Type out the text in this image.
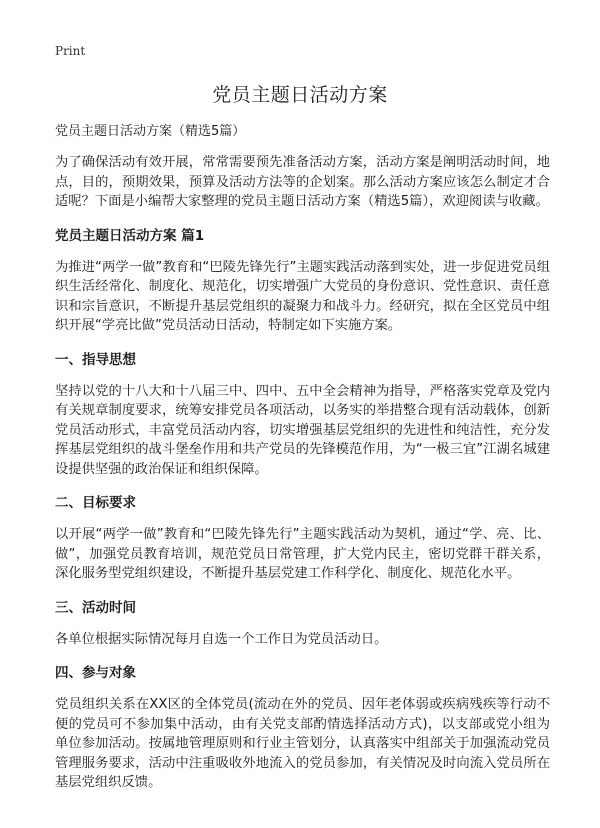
Print
党员主题日活动方案
党员主题日活动方案（精选5篇）

为了确保活动有效开展，常常需要预先准备活动方案，活动方案是阐明活动时间，地点，目的，预期效果，预算及活动方法等的企划案。那么活动方案应该怎么制定才合适呢？下面是小编帮大家整理的党员主题日活动方案（精选5篇），欢迎阅读与收藏。

党员主题日活动方案 篇1

为推进“两学一做”教育和“巴陵先锋先行”主题实践活动落到实处，进一步促进党员组织生活经常化、制度化、规范化，切实增强广大党员的身份意识、党性意识、责任意识和宗旨意识，不断提升基层党组织的凝聚力和战斗力。经研究，拟在全区党员中组织开展“学亮比做”党员活动日活动，特制定如下实施方案。

一、指导思想

坚持以党的十八大和十八届三中、四中、五中全会精神为指导，严格落实党章及党内有关规章制度要求，统筹安排党员各项活动，以务实的举措整合现有活动载体，创新党员活动形式，丰富党员活动内容，切实增强基层党组织的先进性和纯洁性，充分发挥基层党组织的战斗堡垒作用和共产党员的先锋模范作用，为“一极三宜”江湖名城建设提供坚强的政治保证和组织保障。

二、目标要求

以开展“两学一做”教育和“巴陵先锋先行”主题实践活动为契机，通过“学、亮、比、做”，加强党员教育培训，规范党员日常管理，扩大党内民主，密切党群干群关系，深化服务型党组织建设，不断提升基层党建工作科学化、制度化、规范化水平。

三、活动时间

各单位根据实际情况每月自选一个工作日为党员活动日。

四、参与对象

党员组织关系在XX区的全体党员(流动在外的党员、因年老体弱或疾病残疾等行动不便的党员可不参加集中活动，由有关党支部酌情选择活动方式)，以支部或党小组为单位参加活动。按属地管理原则和行业主管划分，认真落实中组部关于加强流动党员管理服务要求，活动中注重吸收外地流入的党员参加，有关情况及时向流入党员所在基层党组织反馈。
